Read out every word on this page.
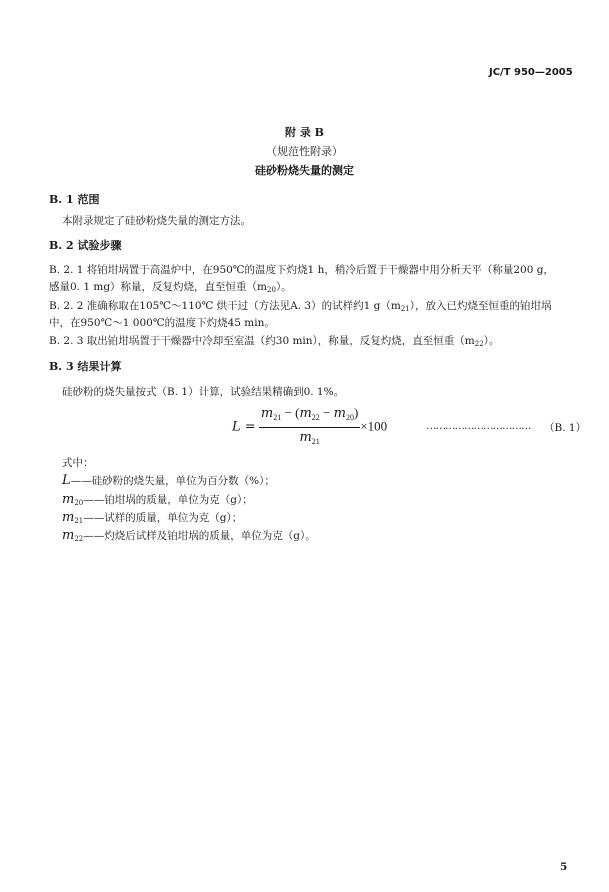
JC/T 950—2005
附 录 B
（规范性附录）
硅砂粉烧失量的测定
B. 1 范围
本附录规定了硅砂粉烧失量的测定方法。
B. 2 试验步骤
B. 2. 1 将铂坩埚置于高温炉中，在950℃的温度下灼烧1 h，稍冷后置于干燥器中用分析天平（称量200 g，
感量0. 1 mg）称量，反复灼烧，直至恒重$(m_{20})$。
B. 2. 2 准确称取在105℃～110℃ 烘干过（方法见A. 3）的试样约1 $g(m_{21})$，放入已灼烧至恒重的铂坩埚
中，在950℃～1 000℃的温度下灼烧45 min。
B. 2. 3 取出铂坩埚置于干燥器中冷却至室温（约30 min），称量，反复灼烧，直至恒重$(m_{22})$。
B. 3 结果计算
硅砂粉的烧失量按式（B. 1）计算，试验结果精确到0. 1%。
$L = \frac{m_{21} - (m_{22} - m_{20})}{m_{21}} \times 100$	…………………………… （B. 1）
式中：
L——硅砂粉的烧失量，单位为百分数（%）；
$m_{20}——$铂坩埚的质量，单位为克（g）；
$m_{21}——$试样的质量，单位为克（g）；
$m_{22}——$灼烧后试样及铂坩埚的质量，单位为克（g）。
5
